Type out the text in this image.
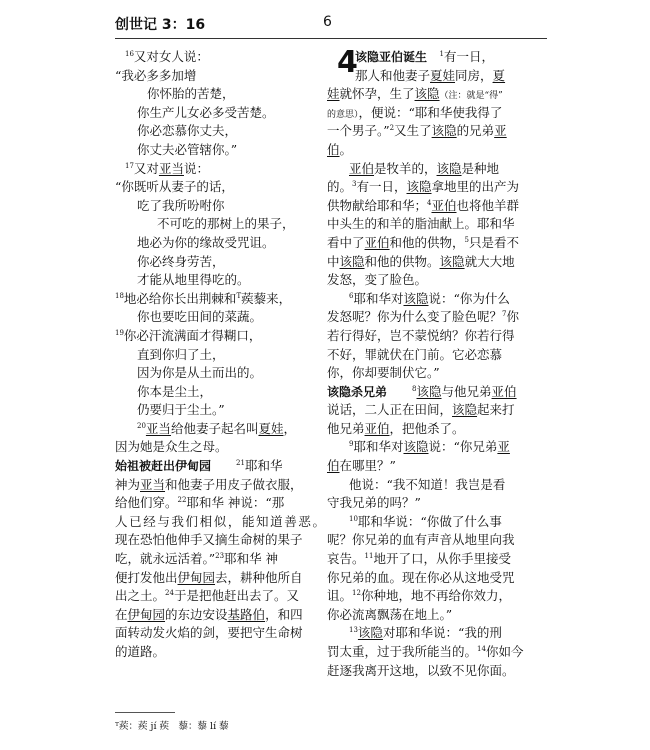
创世记 3：16	6
$^{16}$又对女人说：
“我必多多加增
你怀胎的苦楚，
你生产儿女必多受苦楚。
你必恋慕你丈夫，
你丈夫必管辖你。”
$^{17}$又对亚当说：
“你既听从妻子的话，
吃了我所吩咐你
不可吃的那树上的果子，
地必为你的缘故受咒诅。
你必终身劳苦，
才能从地里得吃的。
$^{18}$地必给你长出荆棘和$^T$蒺藜来，
你也要吃田间的菜蔬。
$^{19}$你必汗流满面才得糊口，
直到你归了土，
因为你是从土而出的。
你本是尘土，
仍要归于尘土。”
$^{20}$亚当给他妻子起名叫夏娃，
因为她是众生之母。
始祖被赶出伊甸园　　	$^{21}$耶和华
神为亚当和他妻子用皮子做衣服，
给他们穿。$^{22}$耶和华 神说：“那
人已经与我们相似，能知道善恶。
现在恐怕他伸手又摘生命树的果子
吃，就永远活着。”$^{23}$耶和华 神
便打发他出伊甸园去，耕种他所自
出之土。$^{24}$于是把他赶出去了。又
在伊甸园的东边安设基路伯，和四
面转动发火焰的剑，要把守生命树
的道路。
4
该隐亚伯诞生　 $^1$有一日，
那人和他妻子夏娃同房，夏
娃就怀孕，生了该隐（注：就是“得”
的意思），便说：“耶和华使我得了
一个男子。”$^2$又生了该隐的兄弟亚
伯。
亚伯是牧羊的，该隐是种地
的。$^3$有一日，该隐拿地里的出产为
供物献给耶和华；$^4$亚伯也将他羊群
中头生的和羊的脂油献上。耶和华
看中了亚伯和他的供物，$^5$只是看不
中该隐和他的供物。该隐就大大地
发怒，变了脸色。
$^6$耶和华对该隐说：“你为什么
发怒呢？你为什么变了脸色呢？$^7$你
若行得好，岂不蒙悦纳？你若行得
不好，罪就伏在门前。它必恋慕
你，你却要制伏它。”
该隐杀兄弟　　	$^8$该隐与他兄弟亚伯
说话，二人正在田间，该隐起来打
他兄弟亚伯，把他杀了。
$^9$耶和华对该隐说：“你兄弟亚
伯在哪里？”
他说：“我不知道！我岂是看
守我兄弟的吗？”
$^{10}$耶和华说：“你做了什么事
呢？你兄弟的血有声音从地里向我
哀告。$^{11}$地开了口，从你手里接受
你兄弟的血。现在你必从这地受咒
诅。$^{12}$你种地，地不再给你效力，
你必流离飘荡在地上。”
$^{13}$该隐对耶和华说：“我的刑
罚太重，过于我所能当的。$^{14}$你如今
赶逐我离开这地，以致不见你面。
ᵀ蒺：蒺 jí 蒺　藜：藜 lí 藜
